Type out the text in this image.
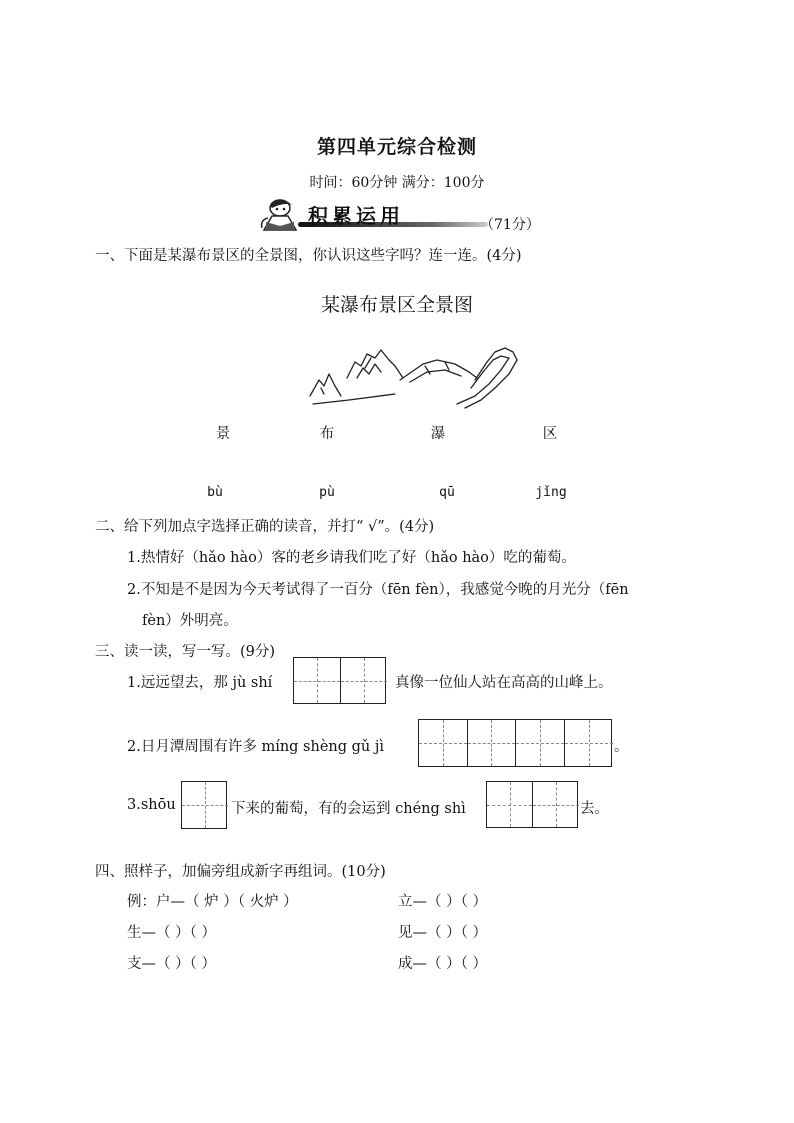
第四单元综合检测
时间：60分钟 满分：100分
积累运用	（71分）
一、下面是某瀑布景区的全景图，你认识这些字吗？连一连。(4分)
某瀑布景区全景图
景	布	瀑	区
bù	pù	qū	jǐng
二、给下列加点字选择正确的读音，并打“ √”。(4分)
1.热情好（hǎo hào）客的老乡请我们吃了好（hǎo hào）吃的葡萄。
2.不知是不是因为今天考试得了一百分（fēn fèn），我感觉今晚的月光分（fēn
fèn）外明亮。
三、读一读，写一写。(9分)
1.远远望去，那 jù shí	真像一位仙人站在高高的山峰上。
2.日月潭周围有许多 míng shèng gǔ jì	。
3.shōu	下来的葡萄，有的会运到 chéng shì	去。
四、照样子，加偏旁组成新字再组词。(10分)
例：户—（ 炉 ）（ 火炉 ）	立—（ ）（ ）
生—（ ）（ ）	见—（ ）（ ）
支—（ ）（ ）	成—（ ）（ ）
